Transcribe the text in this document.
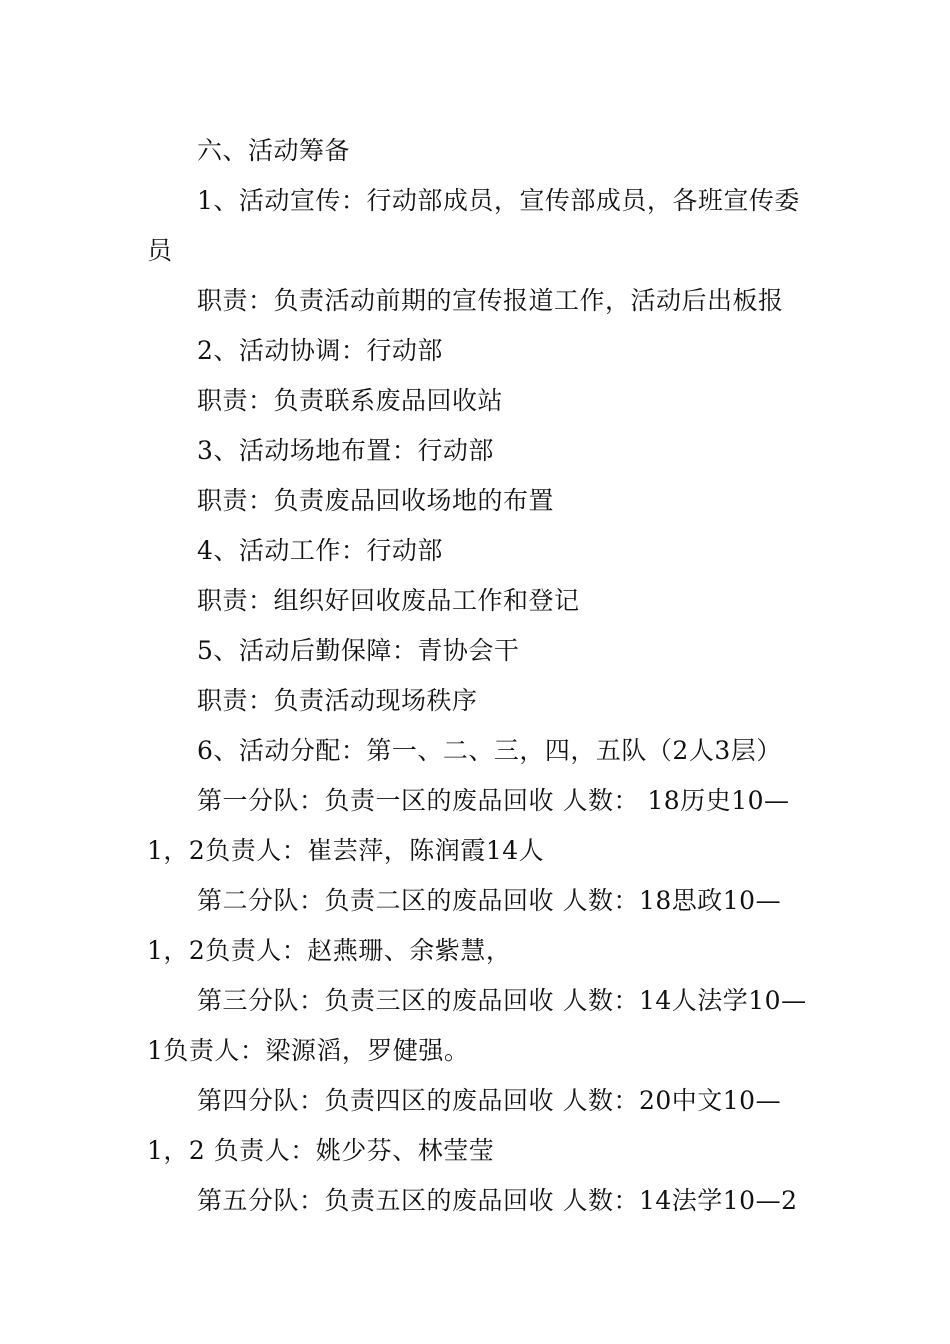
六、活动筹备

1、活动宣传：行动部成员，宣传部成员，各班宣传委员

职责：负责活动前期的宣传报道工作，活动后出板报

2、活动协调：行动部

职责：负责联系废品回收站

3、活动场地布置：行动部

职责：负责废品回收场地的布置

4、活动工作：行动部

职责：组织好回收废品工作和登记

5、活动后勤保障：青协会干

职责：负责活动现场秩序

6、活动分配：第一、二、三，四，五队（2人3层）

第一分队：负责一区的废品回收 人数： 18历史10—1，2负责人：崔芸萍，陈润霞14人

第二分队：负责二区的废品回收 人数：18思政10—1，2负责人：赵燕珊、余紫慧，

第三分队：负责三区的废品回收 人数：14人法学10—1负责人：梁源滔，罗健强。

第四分队：负责四区的废品回收 人数：20中文10—1，2 负责人：姚少芬、林莹莹

第五分队：负责五区的废品回收 人数：14法学10—2
